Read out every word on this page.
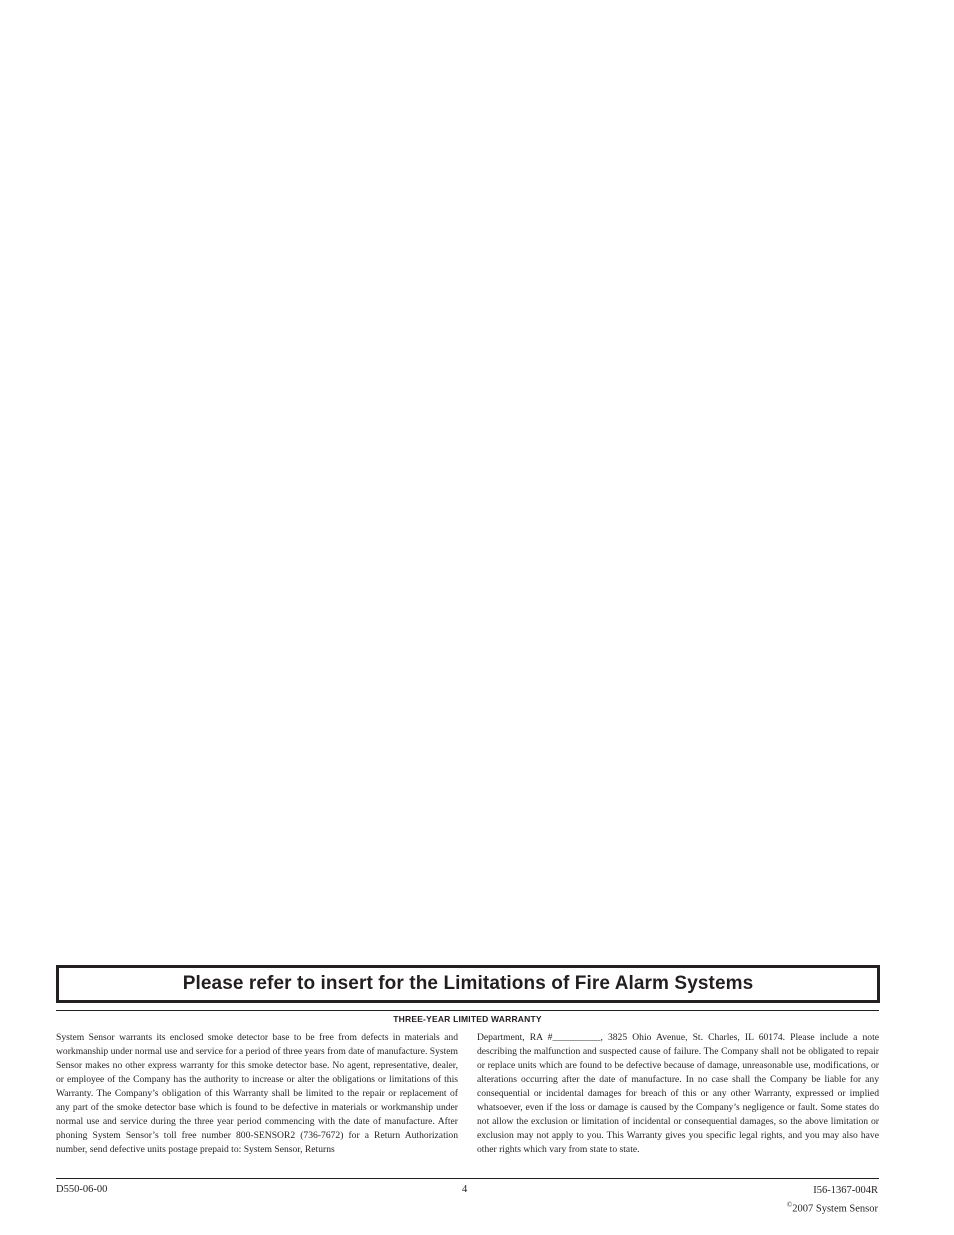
Please refer to insert for the Limitations of Fire Alarm Systems
THREE-YEAR LIMITED WARRANTY
System Sensor warrants its enclosed smoke detector base to be free from defects in materials and workmanship under normal use and service for a period of three years from date of manufacture. System Sensor makes no other express warranty for this smoke detector base. No agent, representative, dealer, or employee of the Company has the authority to increase or alter the obligations or limitations of this Warranty. The Company’s obligation of this Warranty shall be limited to the repair or replacement of any part of the smoke detector base which is found to be defective in materials or workmanship under normal use and service during the three year period commencing with the date of manufacture. After phoning System Sensor’s toll free number 800-SENSOR2 (736-7672) for a Return Authorization number, send defective units postage prepaid to: System Sensor, Returns
Department, RA #__________, 3825 Ohio Avenue, St. Charles, IL 60174. Please include a note describing the malfunction and suspected cause of failure. The Company shall not be obligated to repair or replace units which are found to be defective because of damage, unreasonable use, modifications, or alterations occurring after the date of manufacture. In no case shall the Company be liable for any consequential or incidental damages for breach of this or any other Warranty, expressed or implied whatsoever, even if the loss or damage is caused by the Company’s negligence or fault. Some states do not allow the exclusion or limitation of incidental or consequential damages, so the above limitation or exclusion may not apply to you. This Warranty gives you specific legal rights, and you may also have other rights which vary from state to state.
D550-06-00	4	I56-1367-004R
©2007 System Sensor
